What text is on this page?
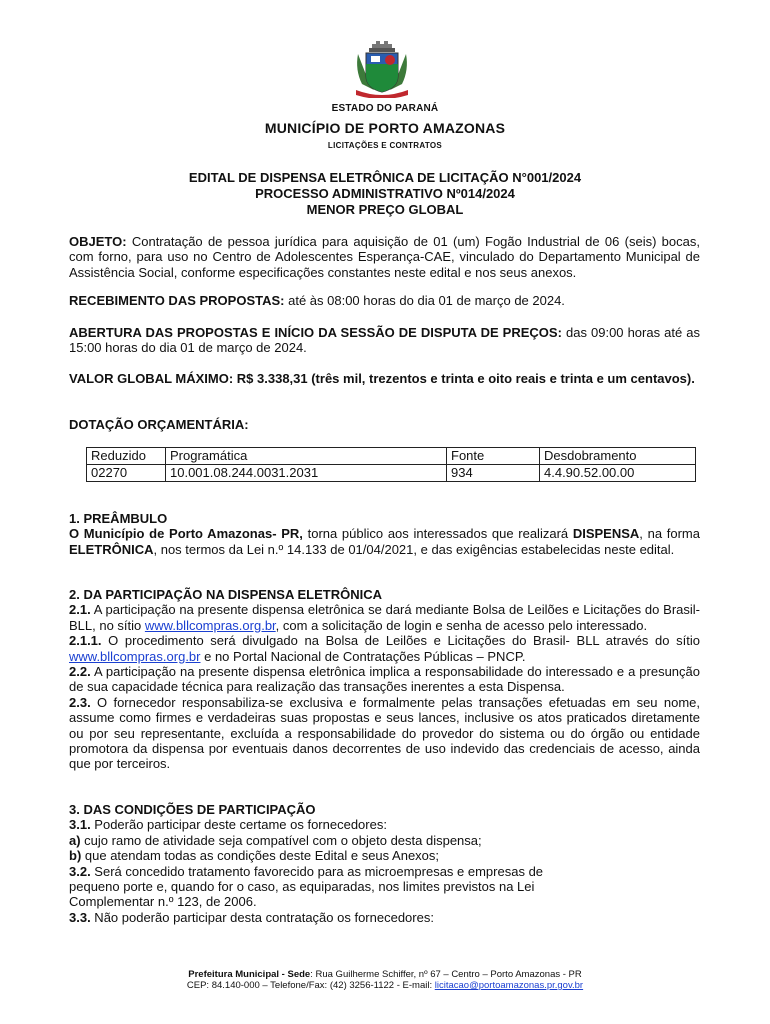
ESTADO DO PARANÁ
MUNICÍPIO DE PORTO AMAZONAS
LICITAÇÕES E CONTRATOS
EDITAL DE DISPENSA ELETRÔNICA DE LICITAÇÃO N°001/2024
PROCESSO ADMINISTRATIVO Nº014/2024
MENOR PREÇO GLOBAL

OBJETO: Contratação de pessoa jurídica para aquisição de 01 (um) Fogão Industrial de 06 (seis) bocas, com forno, para uso no Centro de Adolescentes Esperança-CAE, vinculado do Departamento Municipal de Assistência Social, conforme especificações constantes neste edital e nos seus anexos.

RECEBIMENTO DAS PROPOSTAS: até às 08:00 horas do dia 01 de março de 2024.

ABERTURA DAS PROPOSTAS E INÍCIO DA SESSÃO DE DISPUTA DE PREÇOS: das 09:00 horas até as 15:00 horas do dia 01 de março de 2024.

VALOR GLOBAL MÁXIMO: R$ 3.338,31 (três mil, trezentos e trinta e oito reais e trinta e um centavos).

DOTAÇÃO ORÇAMENTÁRIA:

Reduzido	Programática	Fonte	Desdobramento
02270	10.001.08.244.0031.2031	934	4.4.90.52.00.00

1. PREÂMBULO

O Município de Porto Amazonas- PR, torna público aos interessados que realizará DISPENSA, na forma ELETRÔNICA, nos termos da Lei n.º 14.133 de 01/04/2021, e das exigências estabelecidas neste edital.

2. DA PARTICIPAÇÃO NA DISPENSA ELETRÔNICA

2.1. A participação na presente dispensa eletrônica se dará mediante Bolsa de Leilões e Licitações do Brasil- BLL, no sítio www.bllcompras.org.br, com a solicitação de login e senha de acesso pelo interessado.

2.1.1. O procedimento será divulgado na Bolsa de Leilões e Licitações do Brasil- BLL através do sítio www.bllcompras.org.br e no Portal Nacional de Contratações Públicas – PNCP.

2.2. A participação na presente dispensa eletrônica implica a responsabilidade do interessado e a presunção de sua capacidade técnica para realização das transações inerentes a esta Dispensa.

2.3. O fornecedor responsabiliza-se exclusiva e formalmente pelas transações efetuadas em seu nome, assume como firmes e verdadeiras suas propostas e seus lances, inclusive os atos praticados diretamente ou por seu representante, excluída a responsabilidade do provedor do sistema ou do órgão ou entidade promotora da dispensa por eventuais danos decorrentes de uso indevido das credenciais de acesso, ainda que por terceiros.

3. DAS CONDIÇÕES DE PARTICIPAÇÃO

3.1. Poderão participar deste certame os fornecedores:

a) cujo ramo de atividade seja compatível com o objeto desta dispensa;

b) que atendam todas as condições deste Edital e seus Anexos;

3.2. Será concedido tratamento favorecido para as microempresas e empresas de
pequeno porte e, quando for o caso, as equiparadas, nos limites previstos na Lei
Complementar n.º 123, de 2006.

3.3. Não poderão participar desta contratação os fornecedores:

Prefeitura Municipal - Sede: Rua Guilherme Schiffer, nº 67 – Centro – Porto Amazonas - PR
CEP: 84.140-000 – Telefone/Fax: (42) 3256-1122 - E-mail: licitacao@portoamazonas.pr.gov.br
